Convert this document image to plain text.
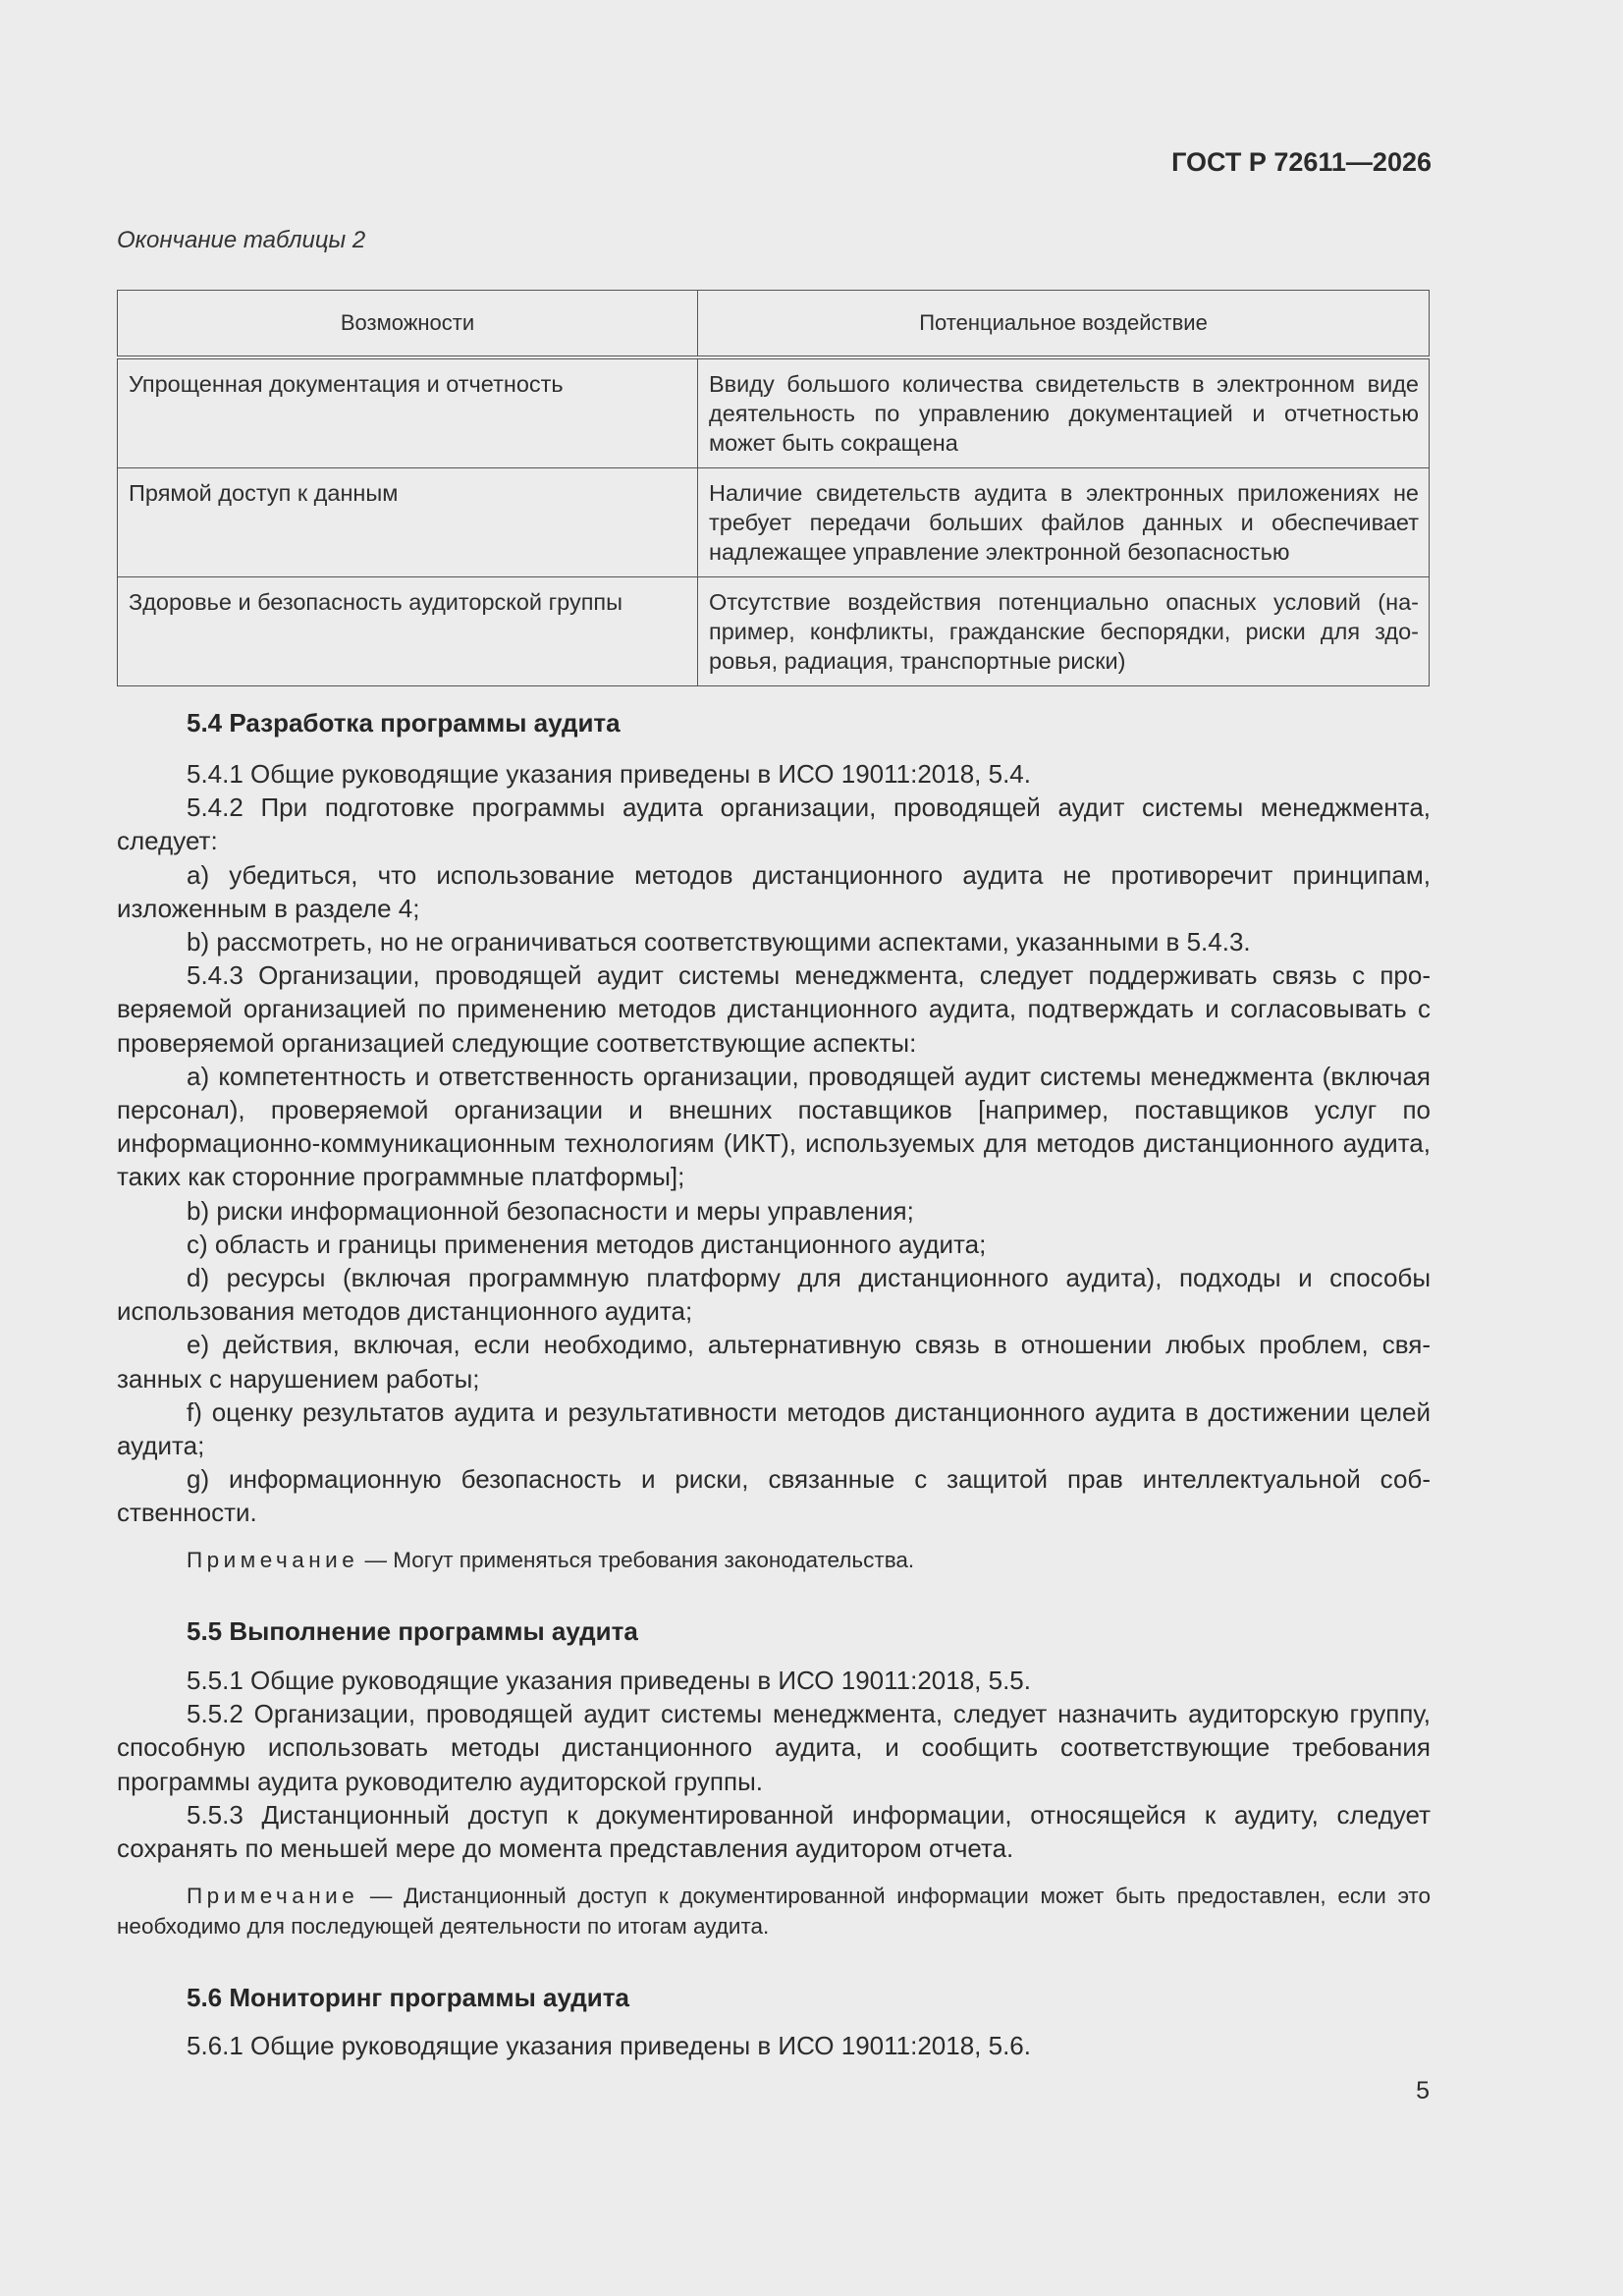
ГОСТ Р 72611—2026
Окончание таблицы 2
Возможности	Потенциальное воздействие
Упрощенная документация и отчетность	Ввиду большого количества свидетельств в электронном виде деятельность по управлению документацией и отчетностью может быть сокращена
Прямой доступ к данным	Наличие свидетельств аудита в электронных приложениях не требует передачи больших файлов данных и обеспечивает надлежащее управление электронной безопасностью
Здоровье и безопасность аудиторской группы	Отсутствие воздействия потенциально опасных условий (например, конфликты, гражданские беспорядки, риски для здоровья, радиация, транспортные риски)
5.4 Разработка программы аудита

5.4.1 Общие руководящие указания приведены в ИСО 19011:2018, 5.4.

5.4.2 При подготовке программы аудита организации, проводящей аудит системы менеджмента, следует:

a) убедиться, что использование методов дистанционного аудита не противоречит принципам, изложенным в разделе 4;

b) рассмотреть, но не ограничиваться соответствующими аспектами, указанными в 5.4.3.

5.4.3 Организации, проводящей аудит системы менеджмента, следует поддерживать связь с проверяемой организацией по применению методов дистанционного аудита, подтверждать и согласовывать с проверяемой организацией следующие соответствующие аспекты:

a) компетентность и ответственность организации, проводящей аудит системы менеджмента (включая персонал), проверяемой организации и внешних поставщиков [например, поставщиков услуг по информационно-коммуникационным технологиям (ИКТ), используемых для методов дистанционного аудита, таких как сторонние программные платформы];

b) риски информационной безопасности и меры управления;

c) область и границы применения методов дистанционного аудита;

d) ресурсы (включая программную платформу для дистанционного аудита), подходы и способы использования методов дистанционного аудита;

e) действия, включая, если необходимо, альтернативную связь в отношении любых проблем, связанных с нарушением работы;

f) оценку результатов аудита и результативности методов дистанционного аудита в достижении целей аудита;

g) информационную безопасность и риски, связанные с защитой прав интеллектуальной собственности.

Примечание — Могут применяться требования законодательства.

5.5 Выполнение программы аудита

5.5.1 Общие руководящие указания приведены в ИСО 19011:2018, 5.5.

5.5.2 Организации, проводящей аудит системы менеджмента, следует назначить аудиторскую группу, способную использовать методы дистанционного аудита, и сообщить соответствующие требования программы аудита руководителю аудиторской группы.

5.5.3 Дистанционный доступ к документированной информации, относящейся к аудиту, следует сохранять по меньшей мере до момента представления аудитором отчета.

Примечание — Дистанционный доступ к документированной информации может быть предоставлен, если это необходимо для последующей деятельности по итогам аудита.

5.6 Мониторинг программы аудита

5.6.1 Общие руководящие указания приведены в ИСО 19011:2018, 5.6.

5
